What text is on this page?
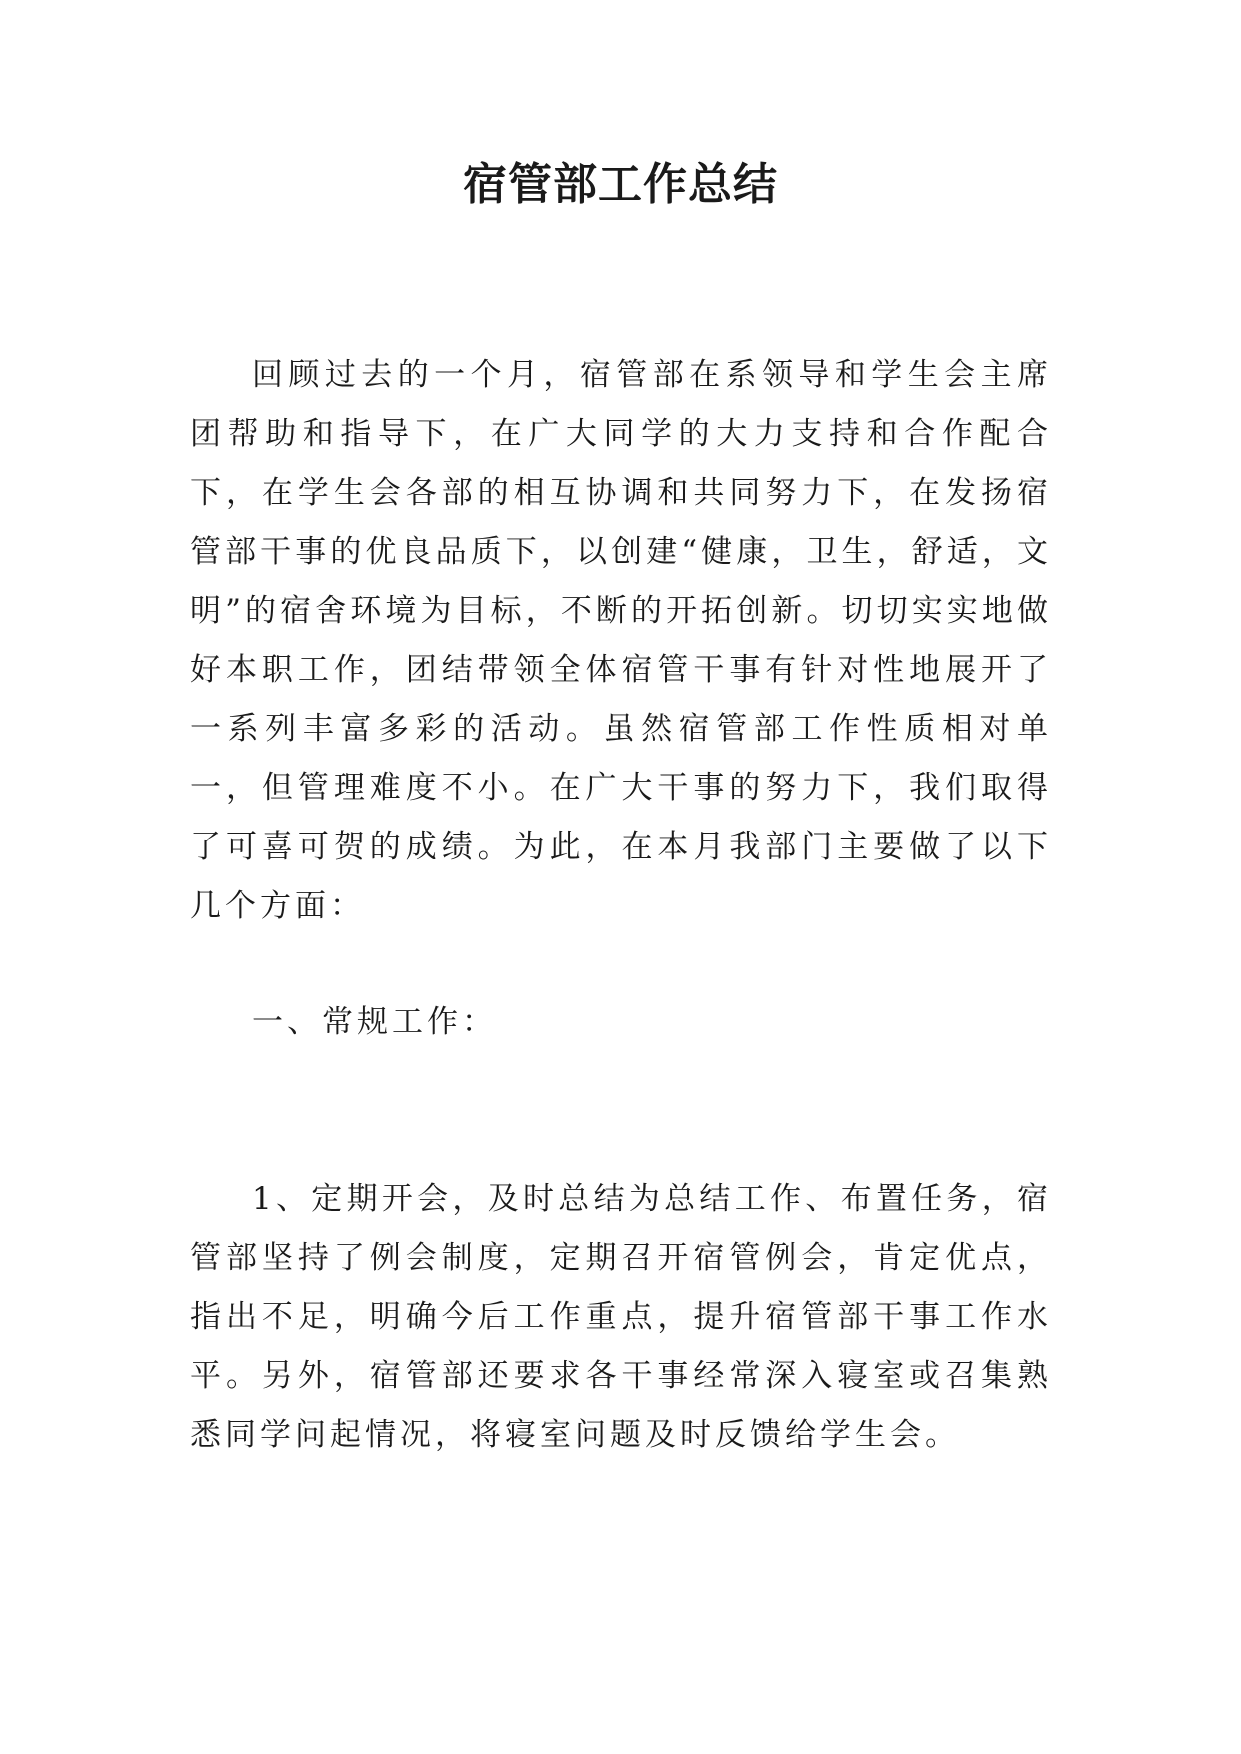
宿管部工作总结

回顾过去的一个月，宿管部在系领导和学生会主席团帮助和指导下，在广大同学的大力支持和合作配合下，在学生会各部的相互协调和共同努力下，在发扬宿管部干事的优良品质下，以创建“健康，卫生，舒适，文明”的宿舍环境为目标，不断的开拓创新。切切实实地做好本职工作，团结带领全体宿管干事有针对性地展开了一系列丰富多彩的活动。虽然宿管部工作性质相对单一，但管理难度不小。在广大干事的努力下，我们取得了可喜可贺的成绩。为此，在本月我部门主要做了以下几个方面：

一、常规工作：

1、定期开会，及时总结为总结工作、布置任务，宿管部坚持了例会制度，定期召开宿管例会，肯定优点，指出不足，明确今后工作重点，提升宿管部干事工作水平。另外，宿管部还要求各干事经常深入寝室或召集熟悉同学问起情况，将寝室问题及时反馈给学生会。
